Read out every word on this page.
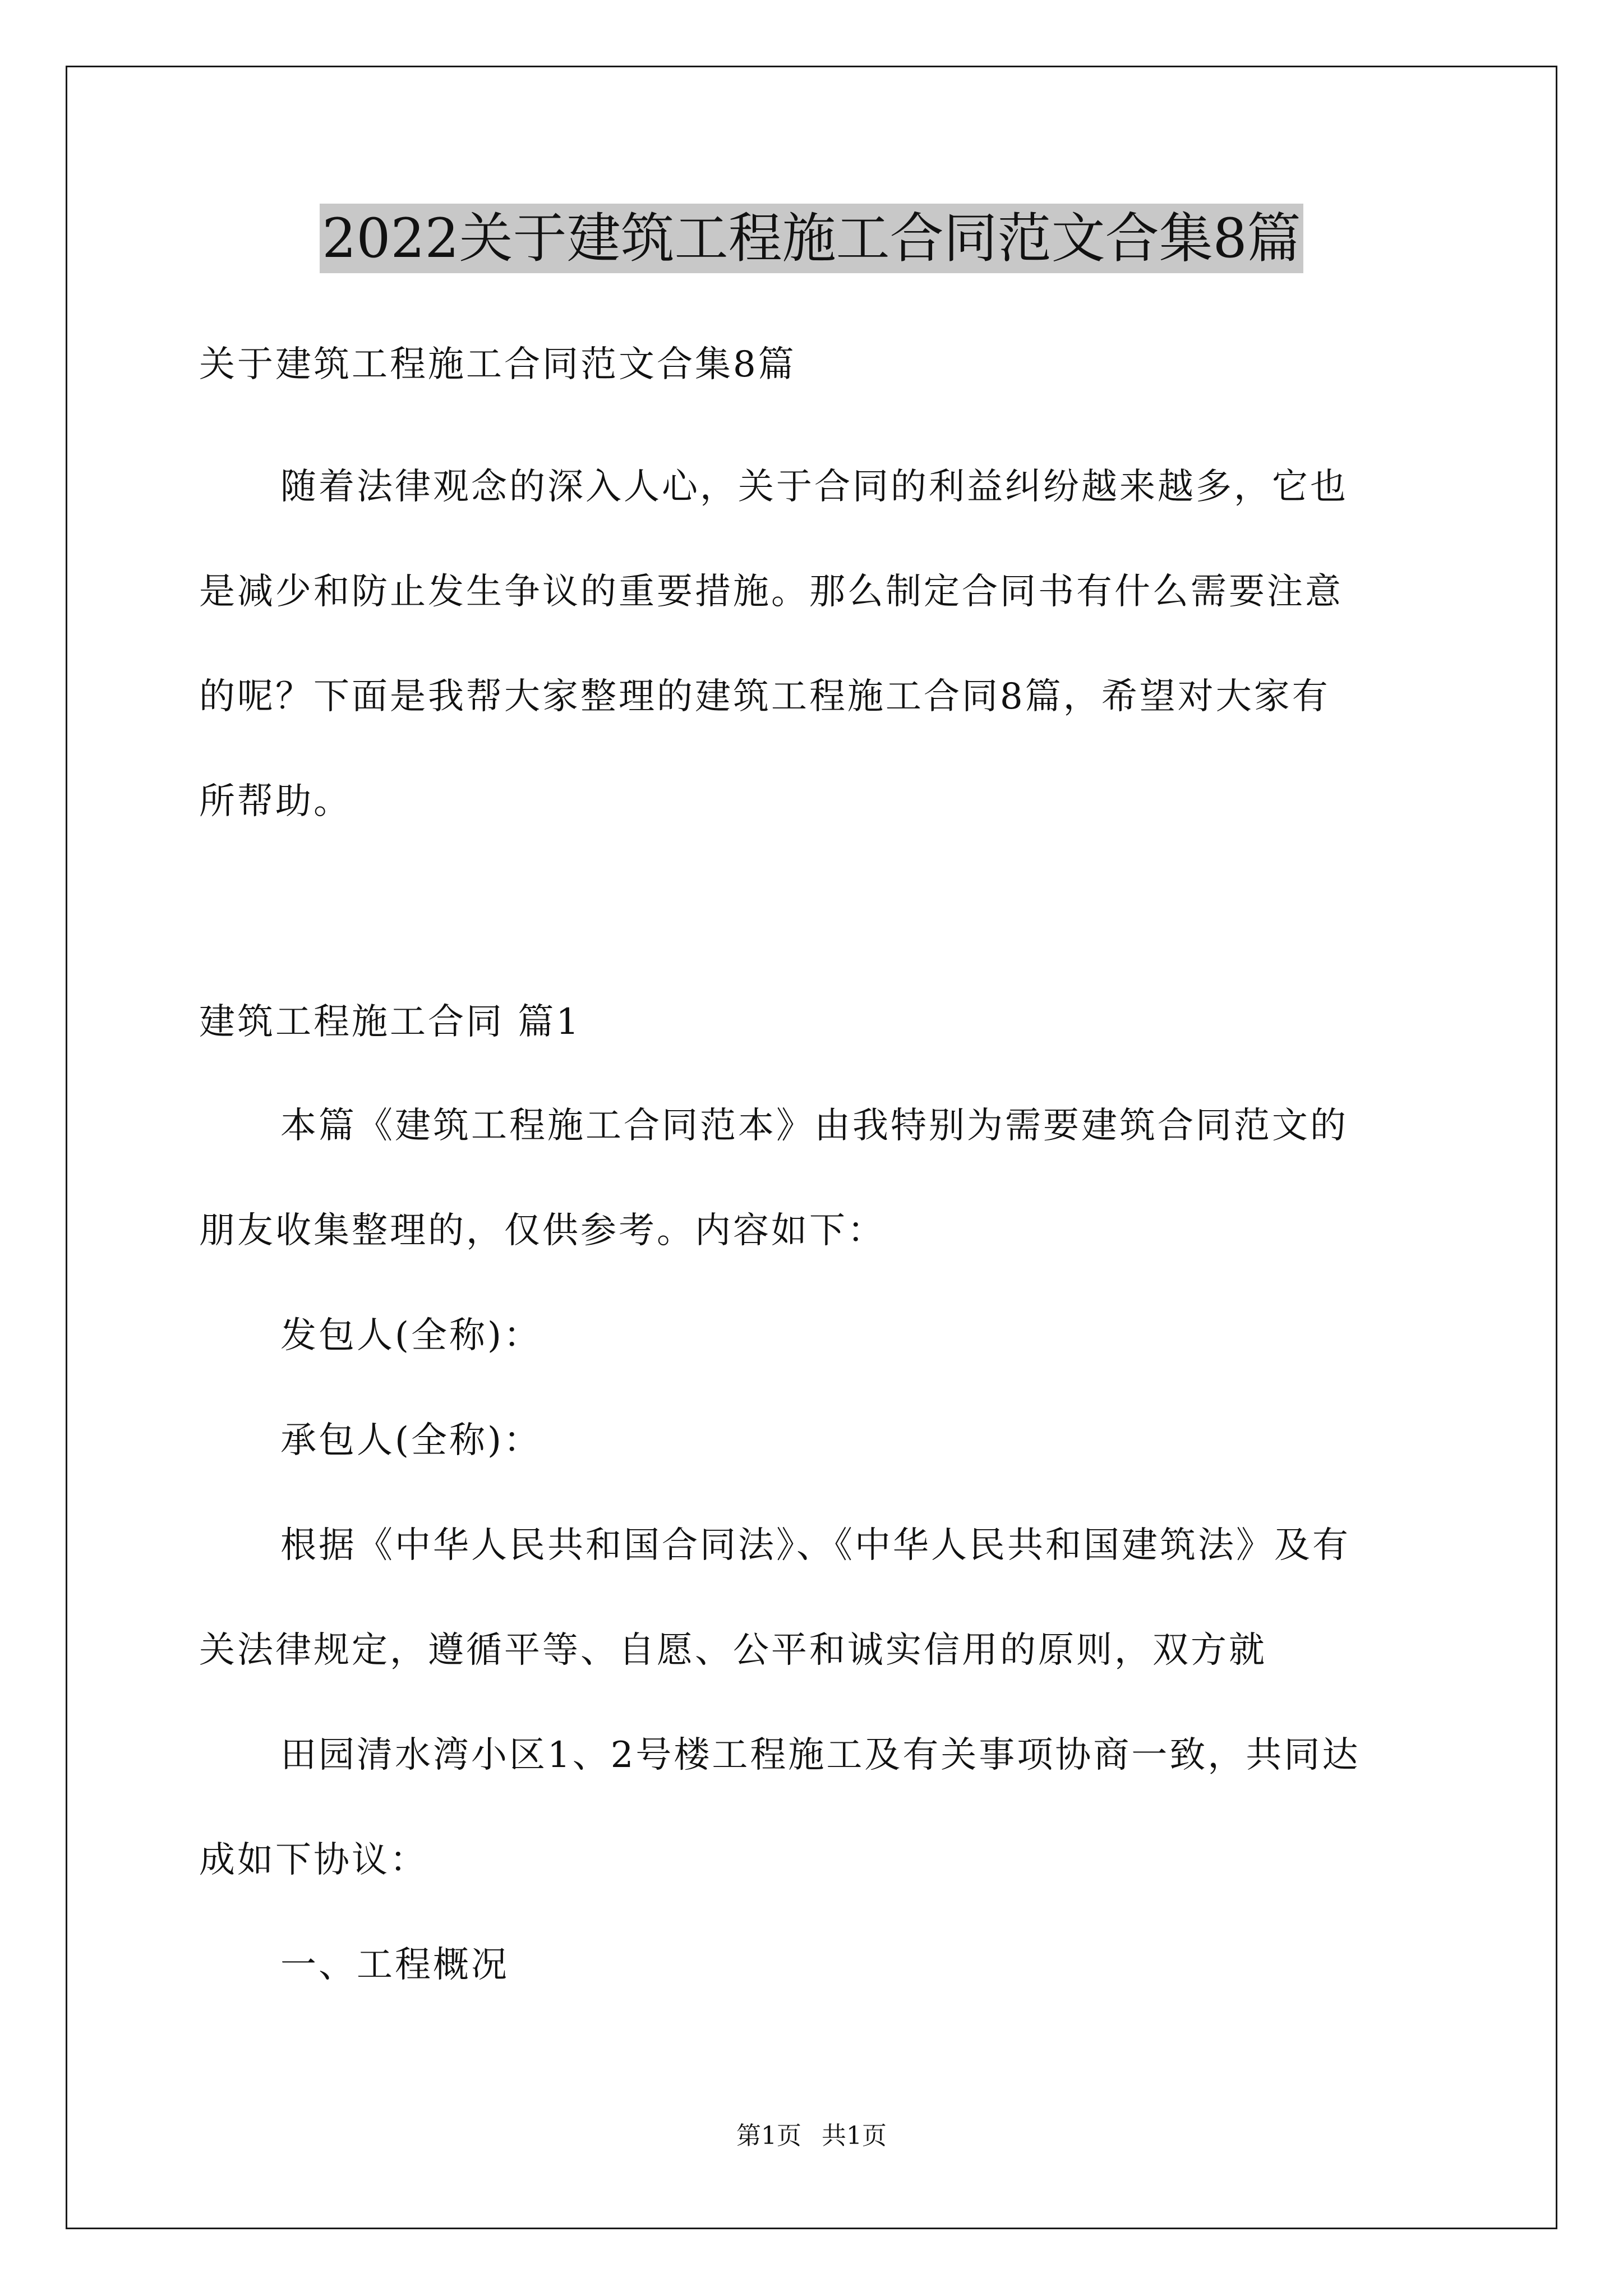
2022关于建筑工程施工合同范文合集8篇
关于建筑工程施工合同范文合集8篇
随着法律观念的深入人心，关于合同的利益纠纷越来越多，它也
是减少和防止发生争议的重要措施。那么制定合同书有什么需要注意
的呢？下面是我帮大家整理的建筑工程施工合同8篇，希望对大家有
所帮助。
建筑工程施工合同 篇1
本篇《建筑工程施工合同范本》由我特别为需要建筑合同范文的
朋友收集整理的，仅供参考。内容如下：
发包人(全称)：
承包人(全称)：
根据《中华人民共和国合同法》、《中华人民共和国建筑法》及有
关法律规定，遵循平等、自愿、公平和诚实信用的原则，双方就
田园清水湾小区1、2号楼工程施工及有关事项协商一致，共同达
成如下协议：
一、工程概况
第1页 共1页
